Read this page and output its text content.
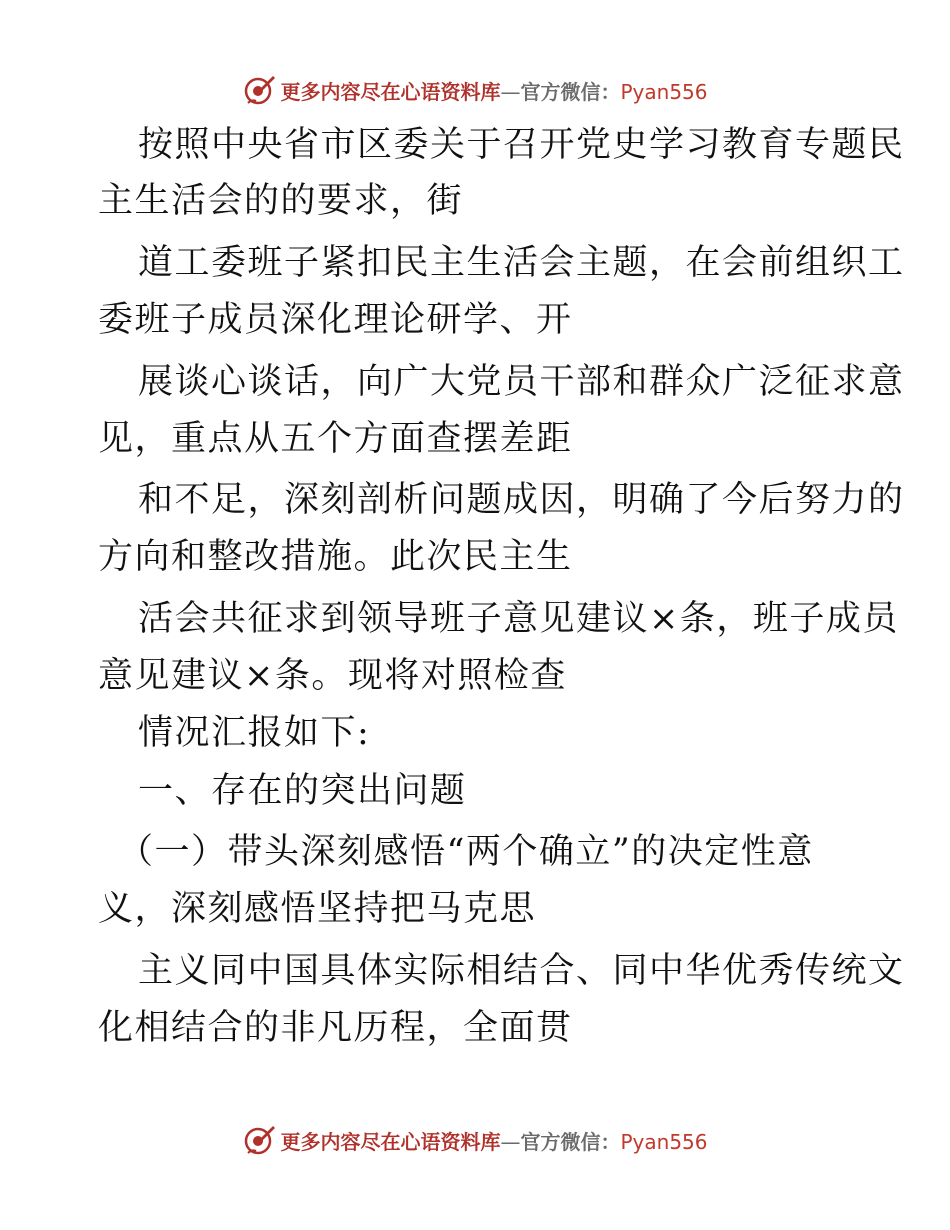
更多内容尽在心语资料库—官方微信：Pyan556
按照中央省市区委关于召开党史学习教育专题民
主生活会的的要求，街
道工委班子紧扣民主生活会主题，在会前组织工
委班子成员深化理论研学、开
展谈心谈话，向广大党员干部和群众广泛征求意
见，重点从五个方面查摆差距
和不足，深刻剖析问题成因，明确了今后努力的
方向和整改措施。此次民主生
活会共征求到领导班子意见建议×条，班子成员
意见建议×条。现将对照检查
情况汇报如下:
一、存在的突出问题
（一）带头深刻感悟“两个确立”的决定性意
义，深刻感悟坚持把马克思
主义同中国具体实际相结合、同中华优秀传统文
化相结合的非凡历程，全面贯
更多内容尽在心语资料库—官方微信：Pyan556
